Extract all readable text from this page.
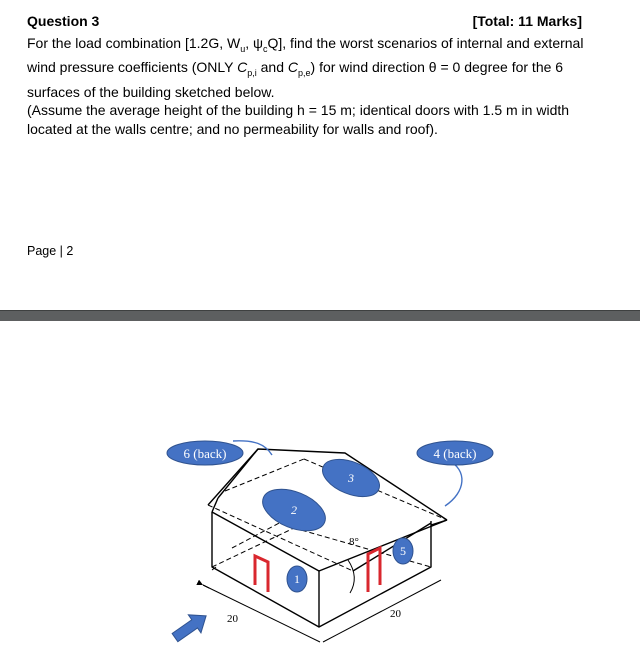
Question 3	[Total: 11 Marks]

For the load combination [1.2G, $W_u$, $\psi_cQ$], find the worst scenarios of internal and external wind pressure coefficients (ONLY $C_{p,i}$ and $C_{p,e}$) for wind direction θ = 0 degree for the 6 surfaces of the building sketched below.

(Assume the average height of the building h = 15 m; identical doors with 1.5 m in width located at the walls centre; and no permeability for walls and roof).

Page | 2
20	20
8°
6 (back)	4 (back)
3
2
5
1
